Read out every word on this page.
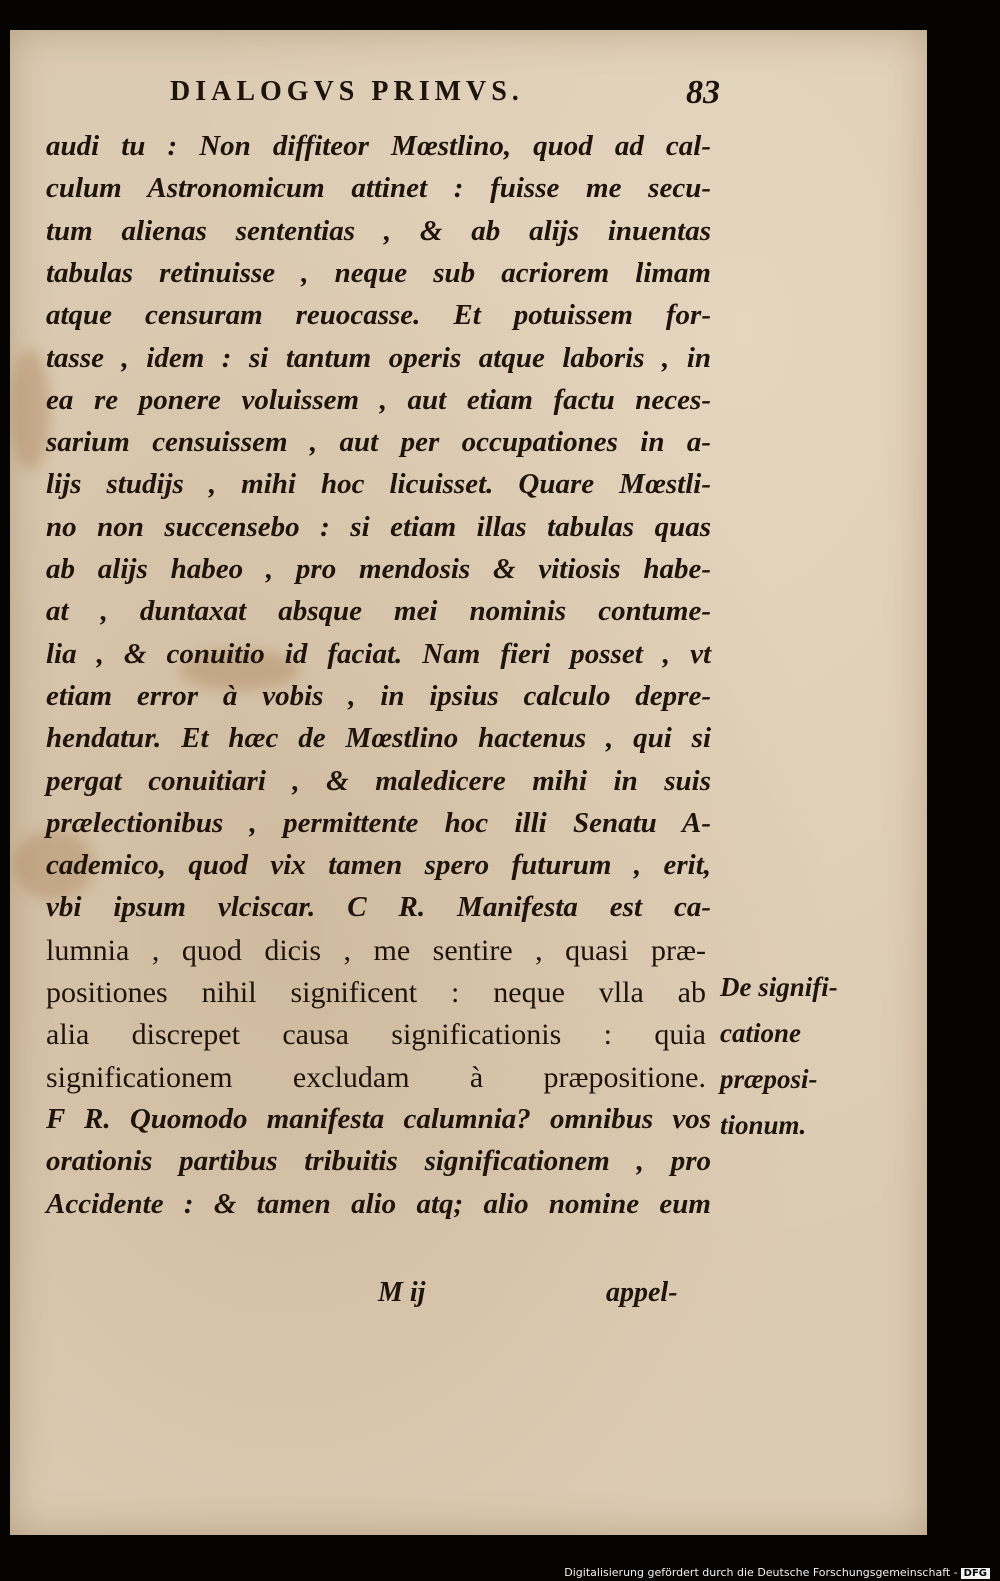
DIALOGVS PRIMVS.	83
audi tu : Non diffiteor Mœstlino, quod ad cal-
culum Astronomicum attinet : fuisse me secu-
tum alienas sententias , & ab alijs inuentas
tabulas retinuisse , neque sub acriorem limam
atque censuram reuocasse. Et potuissem for-
tasse , idem : si tantum operis atque laboris , in
ea re ponere voluissem , aut etiam factu neces-
sarium censuissem , aut per occupationes in a-
lijs studijs , mihi hoc licuisset. Quare Mœstli-
no non succensebo : si etiam illas tabulas quas
ab alijs habeo , pro mendosis & vitiosis habe-
at , duntaxat absque mei nominis contume-
lia , & conuitio id faciat. Nam fieri posset , vt
etiam error à vobis , in ipsius calculo depre-
hendatur. Et hæc de Mœstlino hactenus , qui si
pergat conuitiari , & maledicere mihi in suis
prælectionibus , permittente hoc illi Senatu A-
cademico, quod vix tamen spero futurum , erit,
vbi ipsum vlciscar. C R. Manifesta est ca-
lumnia , quod dicis , me sentire , quasi præ-
positiones nihil significent : neque vlla ab
alia discrepet causa significationis : quia
significationem excludam à præpositione.
F R. Quomodo manifesta calumnia? omnibus vos
orationis partibus tribuitis significationem , pro
Accidente : & tamen alio atq; alio nomine eum
De signifi-
catione
præposi-
tionum.
M ij	appel-
Digitalisierung gefördert durch die Deutsche Forschungsgemeinschaft - DFG
